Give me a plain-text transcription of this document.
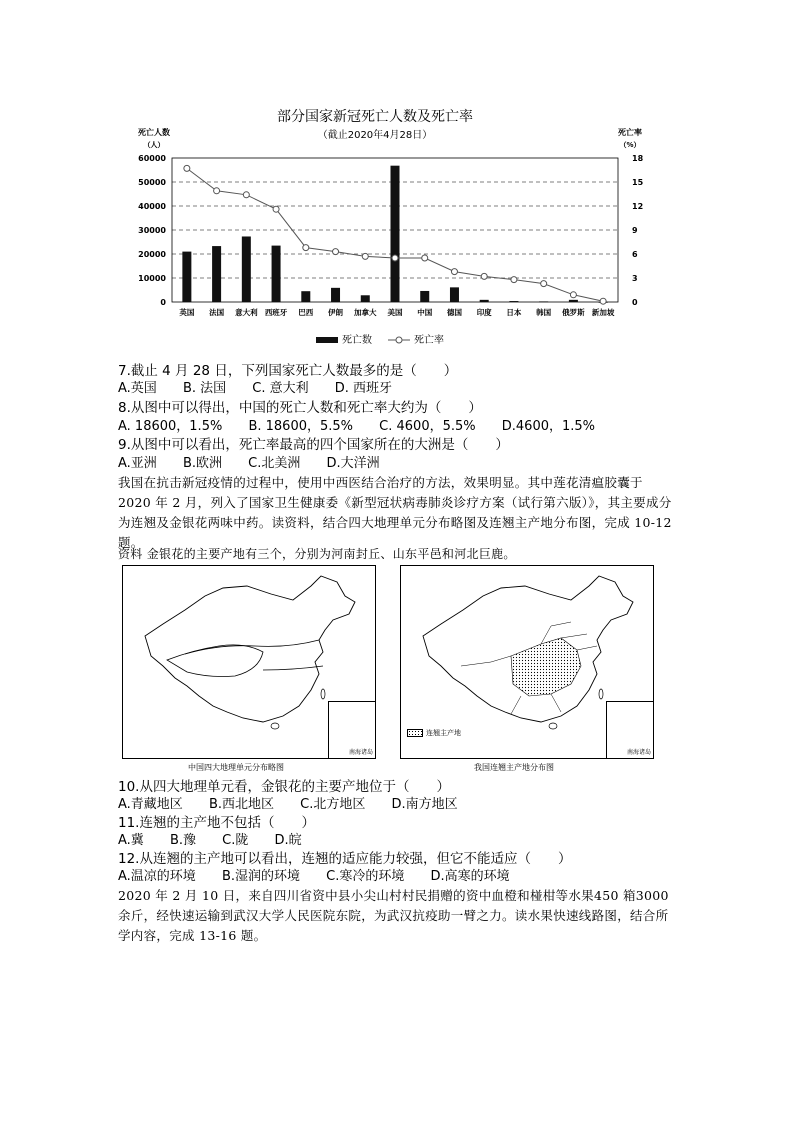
部分国家新冠死亡人数及死亡率
（截止2020年4月28日）
死亡人数
（人）
死亡率
（%）
0
10000
20000
30000
40000
50000
60000
0
3
6
9
12
15
18
英国 法国 意大利 西班牙 巴西 伊朗 加拿大 美国 中国 德国 印度 日本 韩国 俄罗斯 新加坡
死亡数	死亡率
7.截止 4 月 28 日，下列国家死亡人数最多的是（　　）
A.英国 B. 法国 C. 意大利 D. 西班牙
8.从图中可以得出，中国的死亡人数和死亡率大约为（　　）
A. 18600，1.5% B. 18600，5.5% C. 4600，5.5% D.4600，1.5%
9.从图中可以看出，死亡率最高的四个国家所在的大洲是（　　）
A.亚洲 B.欧洲 C.北美洲 D.大洋洲
我国在抗击新冠疫情的过程中，使用中西医结合治疗的方法，效果明显。其中莲花清瘟胶囊于 2020 年 2 月，列入了国家卫生健康委《新型冠状病毒肺炎诊疗方案（试行第六版）》，其主要成分为连翘及金银花两味中药。读资料，结合四大地理单元分布略图及连翘主产地分布图，完成 10-12 题。
资料 金银花的主要产地有三个，分别为河南封丘、山东平邑和河北巨鹿。
南海诸岛
连翘主产地
南海诸岛
中国四大地理单元分布略图	我国连翘主产地分布图
10.从四大地理单元看，金银花的主要产地位于（　　）
A.青藏地区 B.西北地区 C.北方地区 D.南方地区
11.连翘的主产地不包括（　　）
A.冀 B.豫 C.陇 D.皖
12.从连翘的主产地可以看出，连翘的适应能力较强，但它不能适应（　　）
A.温凉的环境 B.湿润的环境 C.寒冷的环境 D.高寒的环境
2020 年 2 月 10 日，来自四川省资中县小尖山村村民捐赠的资中血橙和椪柑等水果450 箱3000 余斤，经快速运输到武汉大学人民医院东院，为武汉抗疫助一臂之力。读水果快速线路图，结合所学内容，完成 13-16 题。
